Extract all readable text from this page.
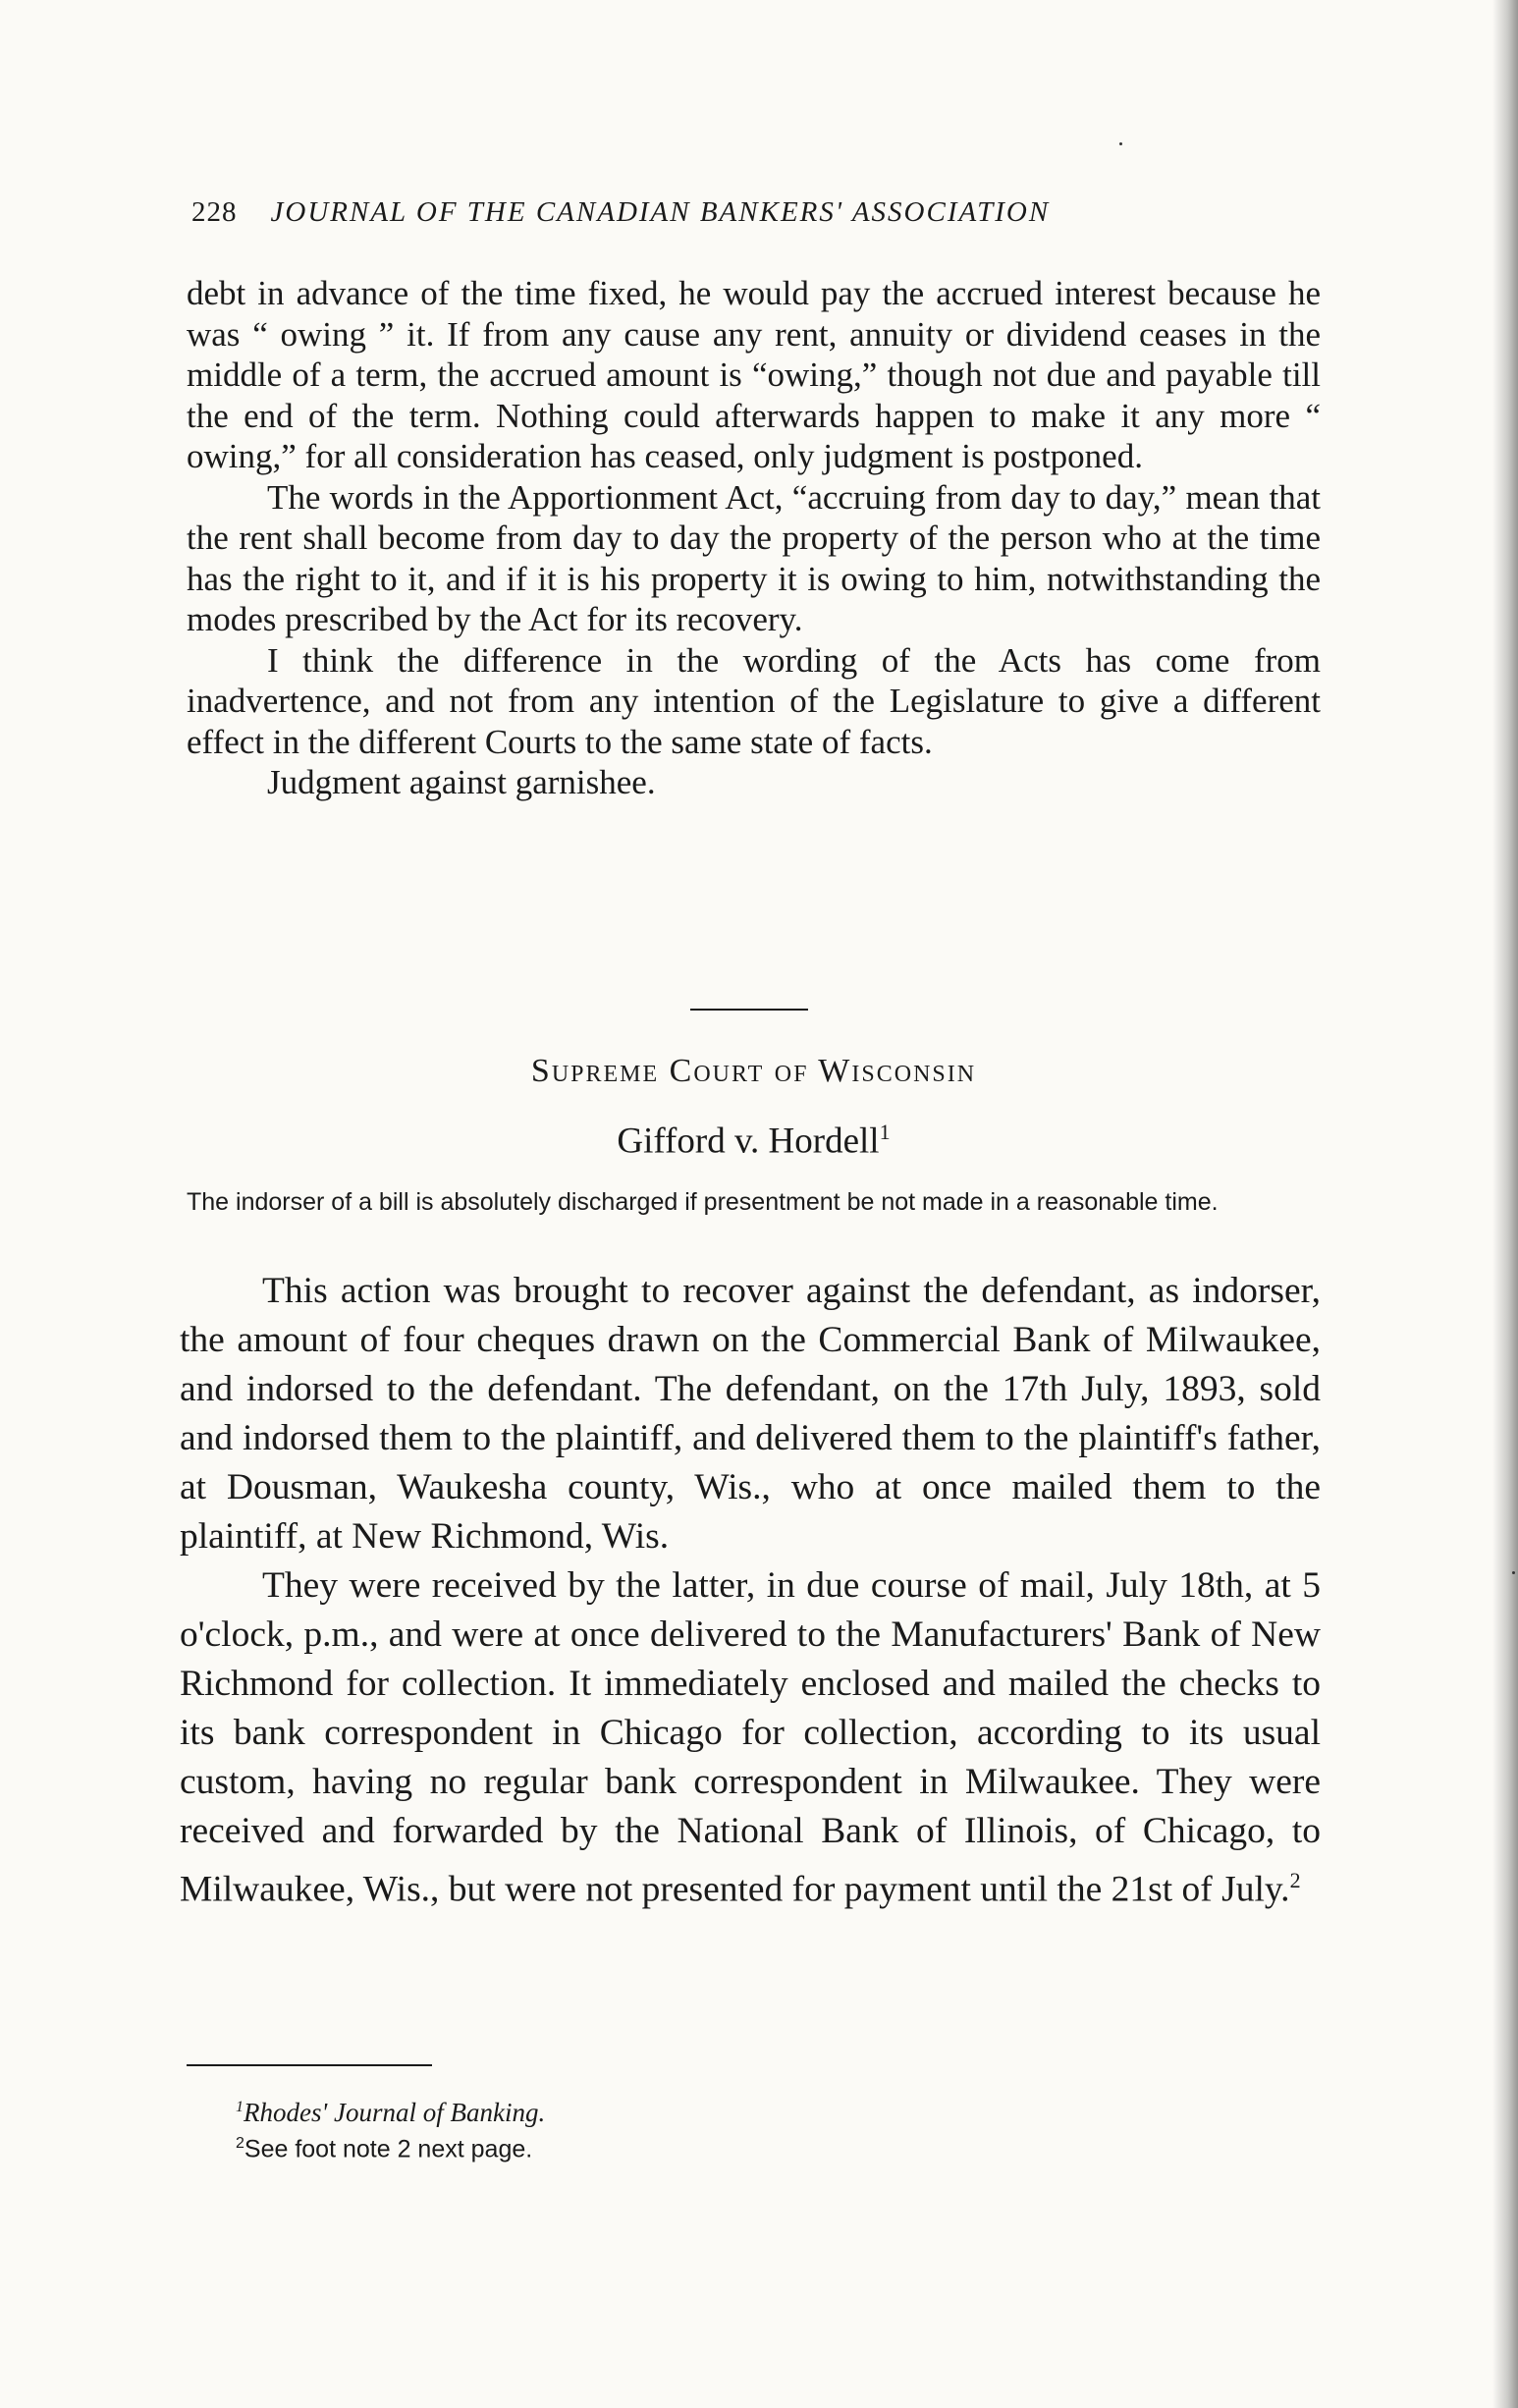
228 JOURNAL OF THE CANADIAN BANKERS' ASSOCIATION

debt in advance of the time fixed, he would pay the accrued interest because he was “ owing ” it. If from any cause any rent, annuity or dividend ceases in the middle of a term, the accrued amount is “owing,” though not due and payable till the end of the term. Nothing could afterwards happen to make it any more “ owing,” for all consideration has ceased, only judgment is postponed.

The words in the Apportionment Act, “accruing from day to day,” mean that the rent shall become from day to day the property of the person who at the time has the right to it, and if it is his property it is owing to him, notwithstanding the modes prescribed by the Act for its recovery.

I think the difference in the wording of the Acts has come from inadvertence, and not from any intention of the Legislature to give a different effect in the different Courts to the same state of facts.

Judgment against garnishee.

Supreme Court of Wisconsin
Gifford v. Hordell$^1$
The indorser of a bill is absolutely discharged if presentment be not made in a reasonable time.

This action was brought to recover against the defendant, as indorser, the amount of four cheques drawn on the Commercial Bank of Milwaukee, and indorsed to the defendant. The defendant, on the 17th July, 1893, sold and indorsed them to the plaintiff, and delivered them to the plaintiff's father, at Dousman, Waukesha county, Wis., who at once mailed them to the plaintiff, at New Richmond, Wis.

They were received by the latter, in due course of mail, July 18th, at 5 o'clock, p.m., and were at once delivered to the Manufacturers' Bank of New Richmond for collection. It immediately enclosed and mailed the checks to its bank correspondent in Chicago for collection, according to its usual custom, having no regular bank correspondent in Milwaukee. They were received and forwarded by the National Bank of Illinois, of Chicago, to Milwaukee, Wis., but were not presented for payment until the 21st of July.$^2$

$^1$Rhodes' Journal of Banking.
$^2$See foot note 2 next page.
